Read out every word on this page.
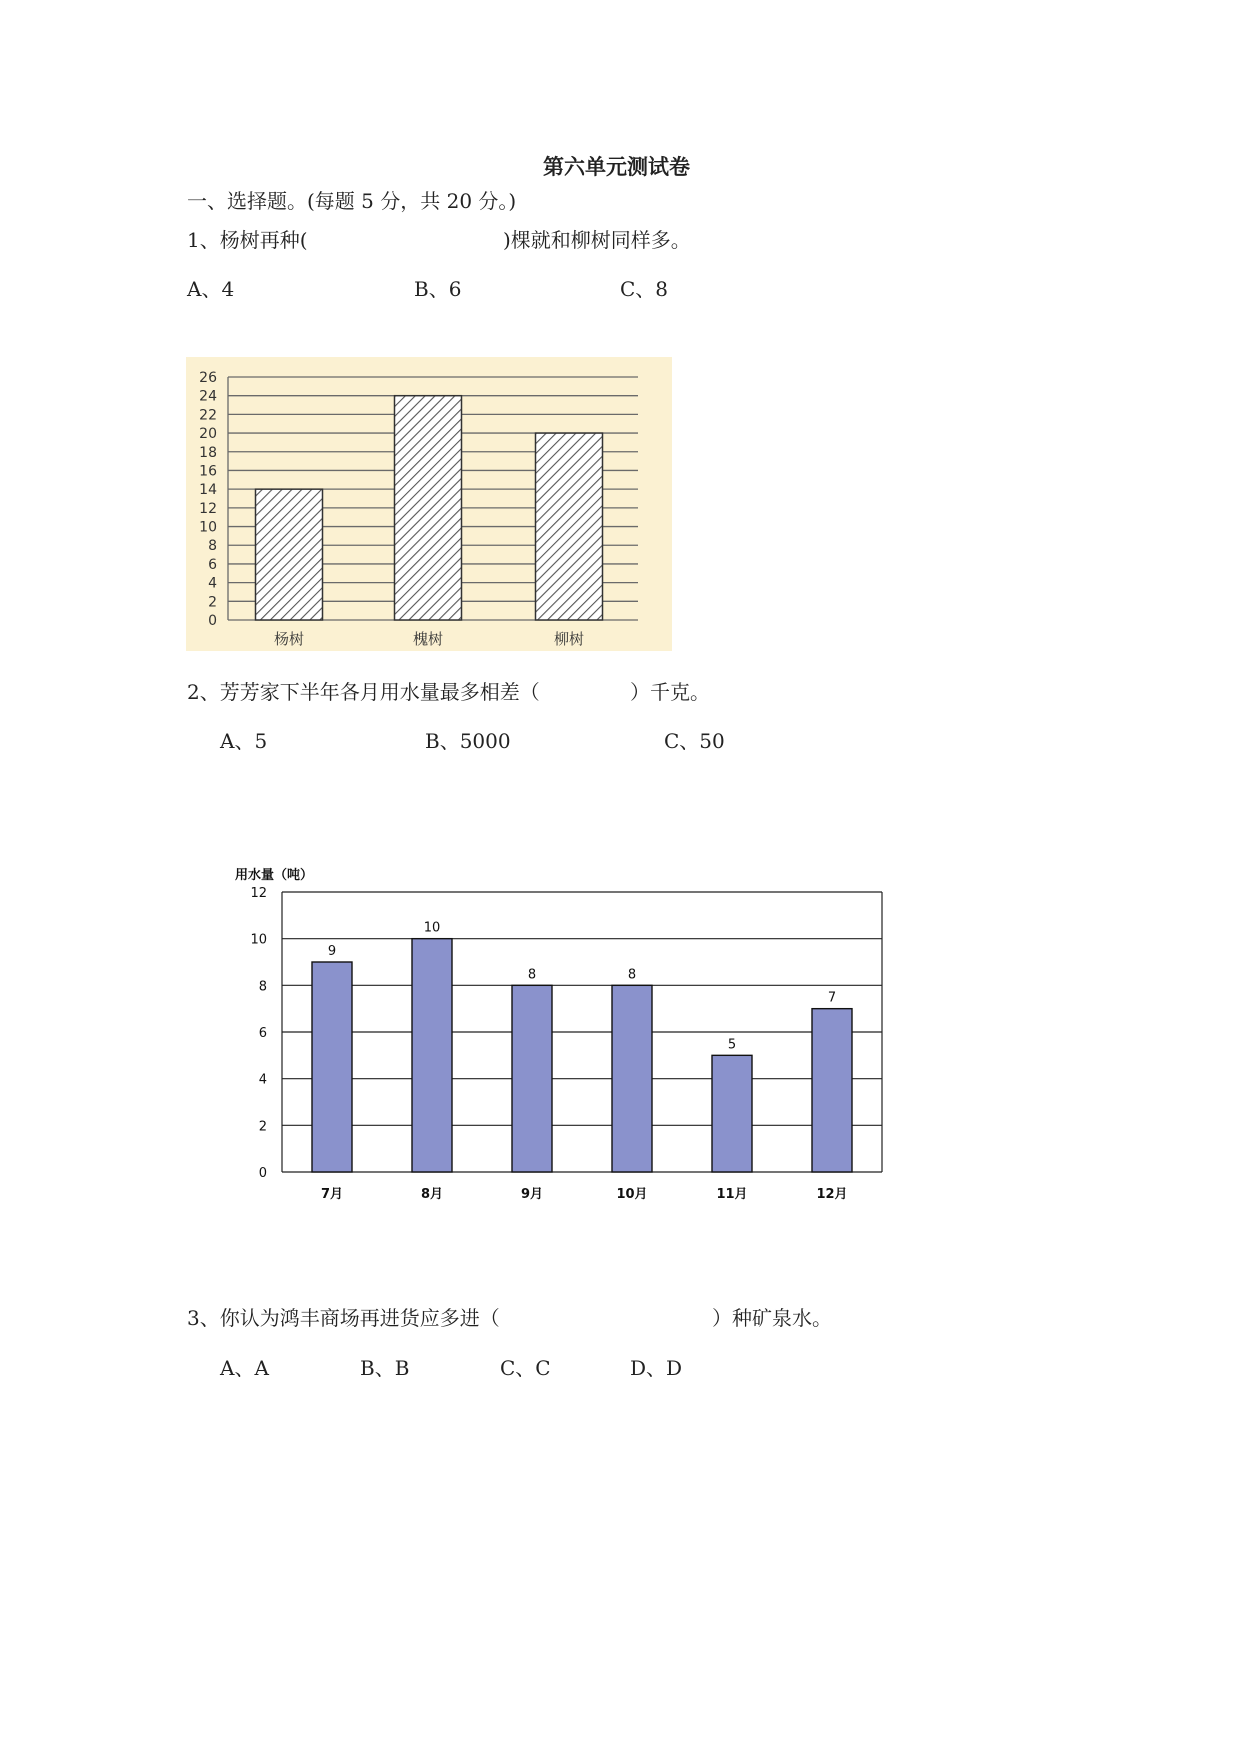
第六单元测试卷
一、选择题。(每题 5 分，共 20 分。)
1、杨树再种(	)棵就和柳树同样多。
A、4	B、6	C、8
0
2
4
6
8
10
12
14
16
18
20
22
24
26
杨树	槐树	柳树
2、芳芳家下半年各月用水量最多相差（	）千克。
A、5	B、5000	C、50
用水量（吨）
9
10
8	8
5
7
0
2
4
6
8
10
12
7月	8月	9月	10月	11月	12月
3、你认为鸿丰商场再进货应多进（	）种矿泉水。
A、A	B、B	C、C	D、D
